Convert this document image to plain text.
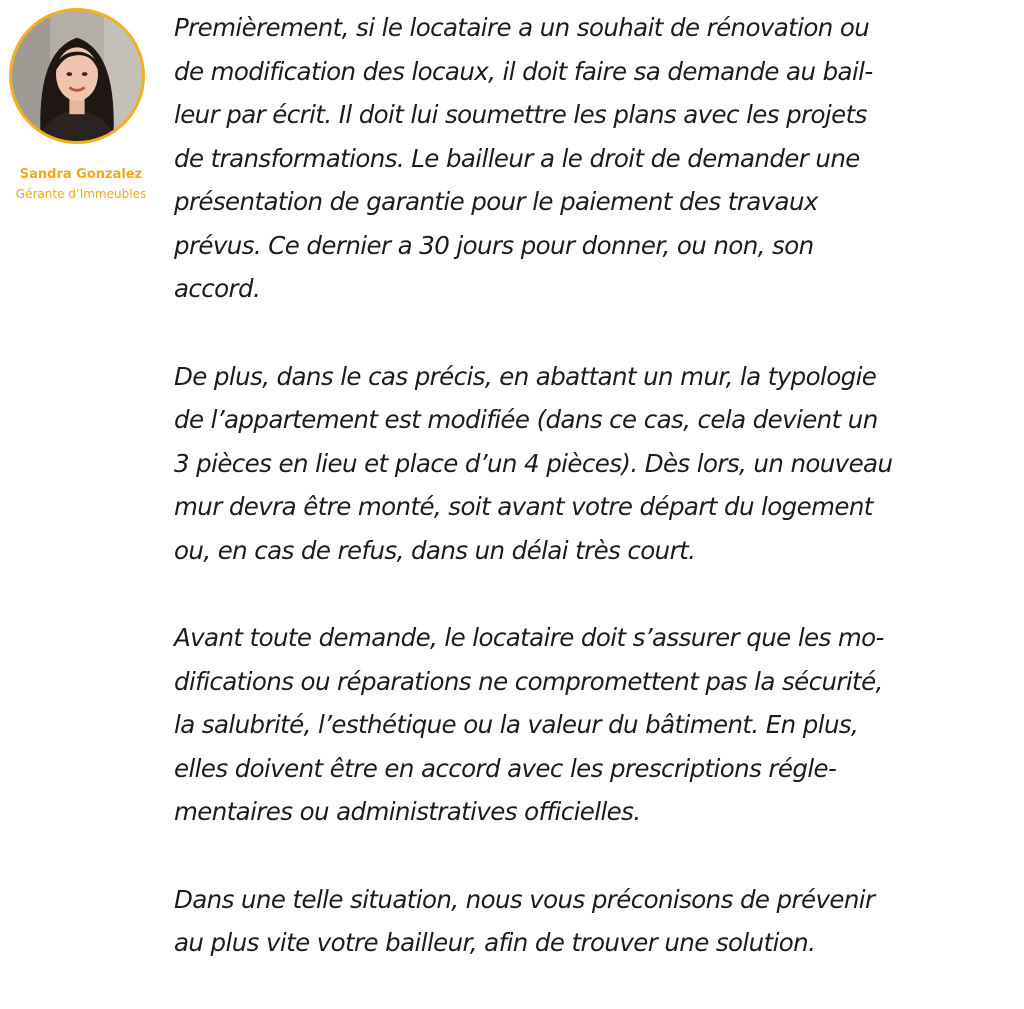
Sandra Gonzalez
Gérante d’Immeubles

Premièrement, si le locataire a un souhait de rénovation ou
de modification des locaux, il doit faire sa demande au bail-
leur par écrit. Il doit lui soumettre les plans avec les projets
de transformations. Le bailleur a le droit de demander une
présentation de garantie pour le paiement des travaux
prévus. Ce dernier a 30 jours pour donner, ou non, son
accord.

De plus, dans le cas précis, en abattant un mur, la typologie
de l’appartement est modifiée (dans ce cas, cela devient un
3 pièces en lieu et place d’un 4 pièces). Dès lors, un nouveau
mur devra être monté, soit avant votre départ du logement
ou, en cas de refus, dans un délai très court.

Avant toute demande, le locataire doit s’assurer que les mo-
difications ou réparations ne compromettent pas la sécurité,
la salubrité, l’esthétique ou la valeur du bâtiment. En plus,
elles doivent être en accord avec les prescriptions régle-
mentaires ou administratives officielles.

Dans une telle situation, nous vous préconisons de prévenir
au plus vite votre bailleur, afin de trouver une solution.
